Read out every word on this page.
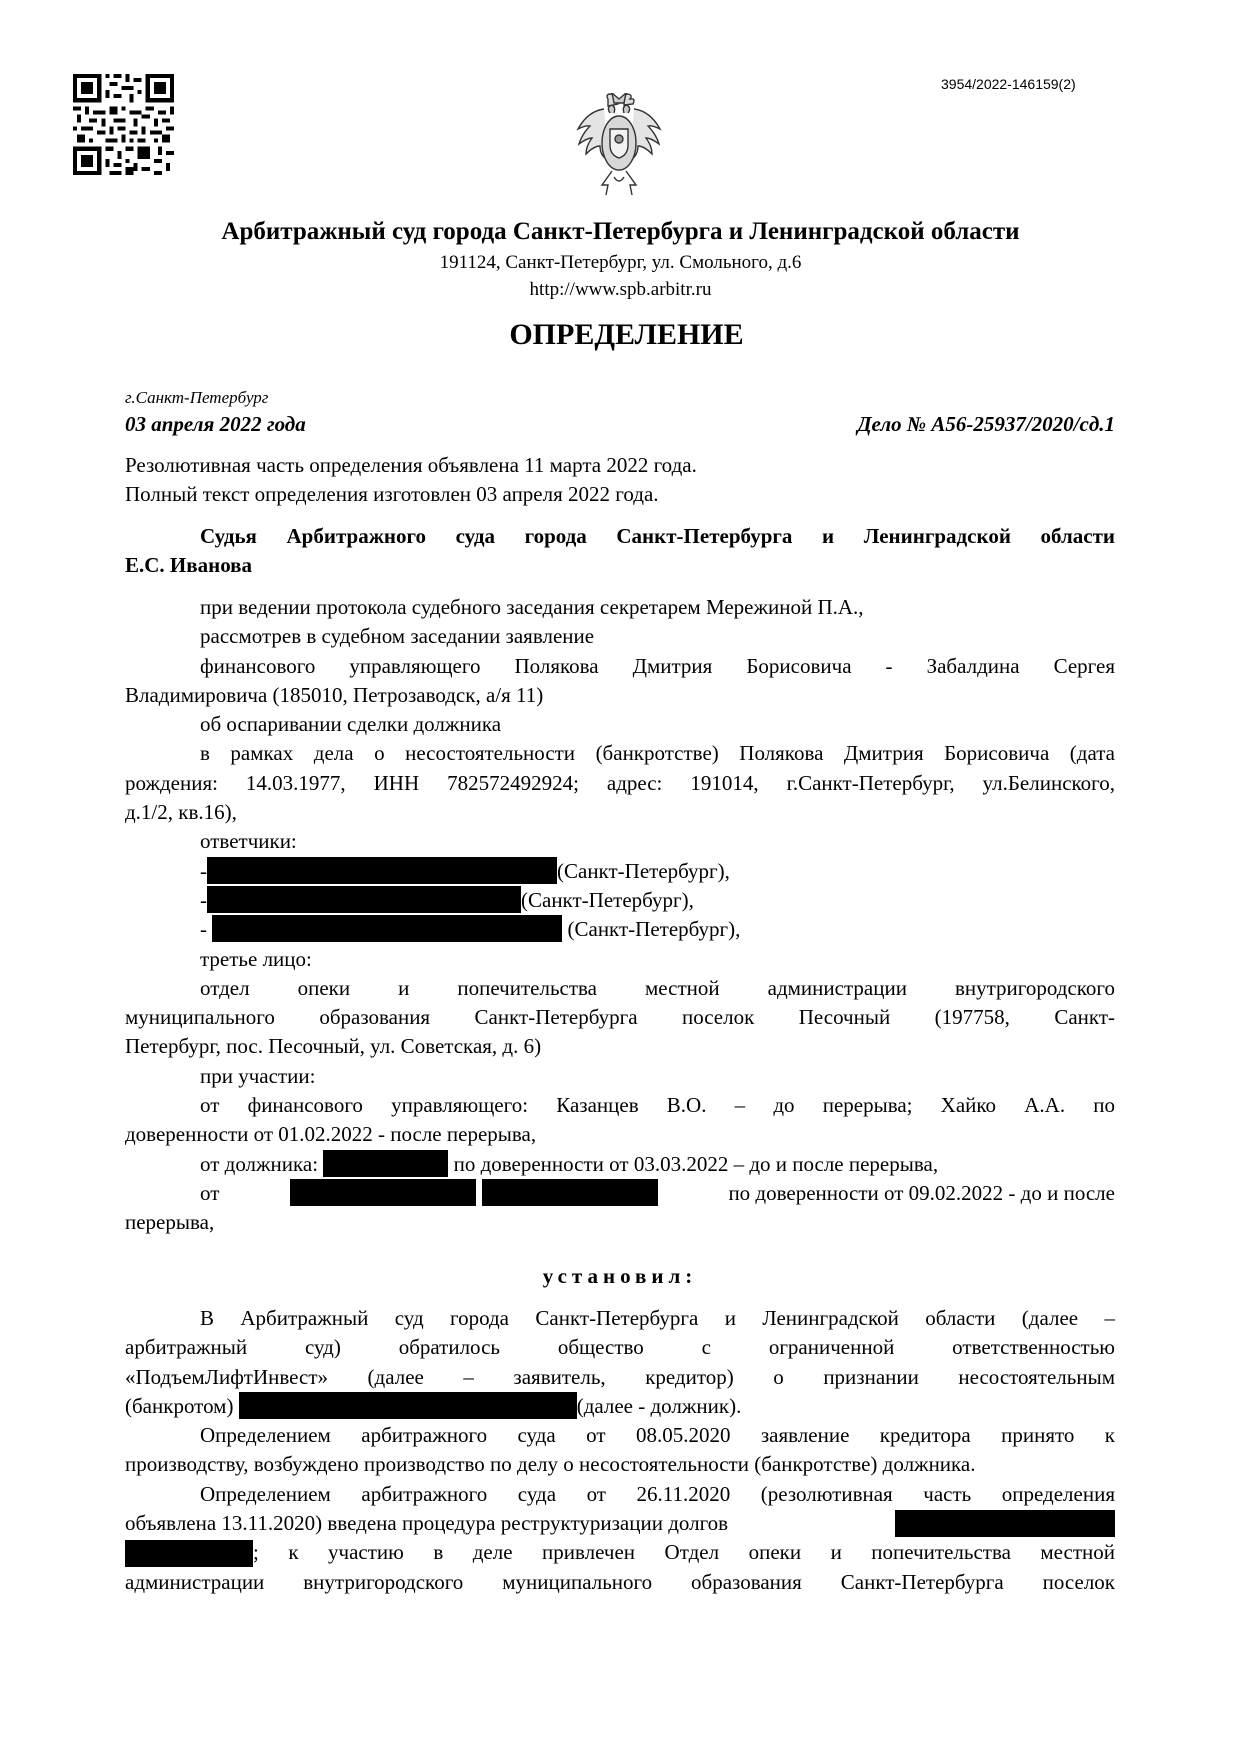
3954/2022-146159(2)
Арбитражный суд города Санкт-Петербурга и Ленинградской области
191124, Санкт-Петербург, ул. Смольного, д.6
http://www.spb.arbitr.ru
ОПРЕДЕЛЕНИЕ
г.Санкт-Петербург
03 апреля 2022 года	Дело № А56-25937/2020/сд.1

Резолютивная часть определения объявлена 11 марта 2022 года.

Полный текст определения изготовлен 03 апреля 2022 года.

Судья Арбитражного суда города Санкт-Петербурга и Ленинградской области

Е.С. Иванова

при ведении протокола судебного заседания секретарем Мережиной П.А.,

рассмотрев в судебном заседании заявление

финансового управляющего Полякова Дмитрия Борисовича - Забалдина Сергея

Владимировича (185010, Петрозаводск, а/я 11)

об оспаривании сделки должника

в рамках дела о несостоятельности (банкротстве) Полякова Дмитрия Борисовича (дата

рождения: 14.03.1977, ИНН 782572492924; адрес: 191014, г.Санкт-Петербург, ул.Белинского,

д.1/2, кв.16),

ответчики:

-	(Санкт-Петербург),

-	(Санкт-Петербург),

-	(Санкт-Петербург),

третье лицо:

отдел опеки и попечительства местной администрации внутригородского

муниципального образования Санкт-Петербурга поселок Песочный (197758, Санкт-

Петербург, пос. Песочный, ул. Советская, д. 6)

при участии:

от финансового управляющего: Казанцев В.О. – до перерыва; Хайко А.А. по

доверенности от 01.02.2022 - после перерыва,

от должника:	по доверенности от 03.03.2022 – до и после перерыва,

от
	по доверенности от 09.02.2022 - до и после

перерыва,

установил:

В Арбитражный суд города Санкт-Петербурга и Ленинградской области (далее –

арбитражный суд) обратилось общество с ограниченной ответственностью

«ПодъемЛифтИнвест» (далее – заявитель, кредитор) о признании несостоятельным

(банкротом)	(далее - должник).

Определением арбитражного суда от 08.05.2020 заявление кредитора принято к

производству, возбуждено производство по делу о несостоятельности (банкротстве) должника.

Определением арбитражного суда от 26.11.2020 (резолютивная часть определения

объявлена 13.11.2020) введена процедура реструктуризации долгов

; к участию в деле привлечен Отдел опеки и попечительства местной

администрации внутригородского муниципального образования Санкт-Петербурга поселок
